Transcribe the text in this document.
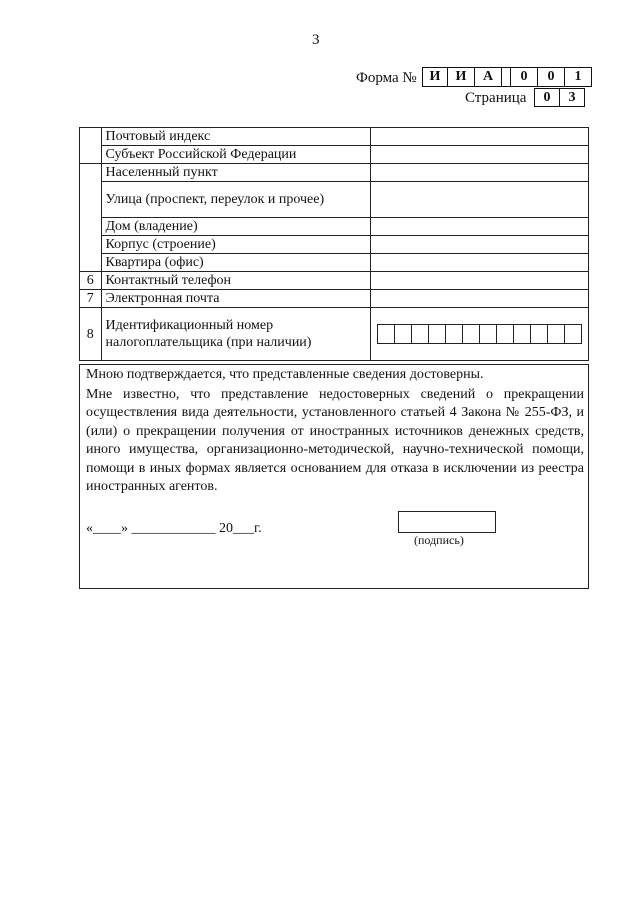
3
Форма № И	И	А	0	0	1
Страница	0	3
	Почтовый индекс	

	Субъект Российской Федерации	

	Населенный пункт	

	Улица (проспект, переулок и прочее)	

	Дом (владение)	

	Корпус (строение)	

	Квартира (офис)	

6	Контактный телефон	

7	Электронная почта	

8	Идентификационный номер налогоплательщика (при наличии)	
Мною подтверждается, что представленные сведения достоверны.
Мне известно, что представление недостоверных сведений о прекращении осуществления вида деятельности, установленного статьей 4 Закона № 255-ФЗ, и (или) о прекращении получения от иностранных источников денежных средств, иного имущества, организационно-методической, научно-технической помощи, помощи в иных формах является основанием для отказа в исключении из реестра иностранных агентов.
«____» ____________ 20___г.
(подпись)
